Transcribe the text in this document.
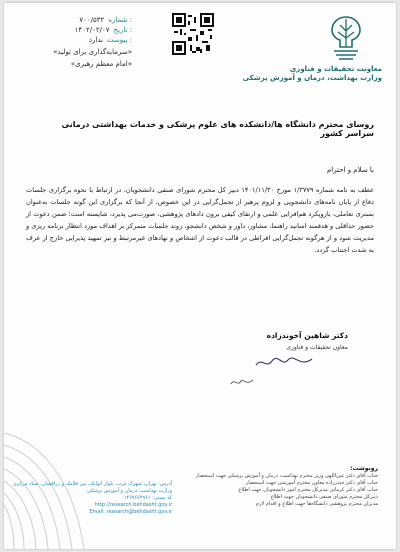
۷۰۰/۵۳۲ شماره :
۱۴۰۲/۰۲/۰۷ تاریخ :
ندارد پیوست :
«سرمایه‌گذاری برای تولید»
«امام معظم رهبری»
معاونت تحقیقات و فناوری
وزارت بهداشت، درمان و آموزش پزشکی
روسای محترم دانشگاه ها/دانشکده های علوم پزشکی و خدمات بهداشتی درمانی سراسر کشور
با سلام و احترام
عطف به نامه شماره ۱/۳۷۷۹ مورخ ۱۴۰۱/۱۱/۳۰ دبیر کل محترم شورای صنفی دانشجویان، در ارتباط با نحوه برگزاری جلسات دفاع از پایان نامه‌های دانشجویی و لزوم پرهیز از تجمل‌گرایی در این خصوص، از آنجا که برگزاری این گونه جلسات به‌عنوان بستری تعاملی، بازوپکرد هم‌افزایی علمی و ارتقای کیفی برون دادهای پژوهشی، صورت‌می پذیرد، شایسته است؛ ضمن دعوت از حضور حداقلی و هدفمند اساتید راهنما، مشاور، داور و شخص دانشجو، روند جلسات متمرکز بر اهداف مورد انتظار برنامه ریزی و مدیریت شود و از هرگونه تجمل‌گرایی افراطی در قالب دعوت از اشخاص و نهادهای غیرمرتبط و نیز تمهید پذیرایی خارج از عرف به شدت اجتناب گردد.
دکتر شاهین آخوندزاده
معاون تحقیقات و فناوری
رونوشت:
جناب آقای دکتر عین‌اللهی وزیر محترم بهداشت، درمان و آموزش پزشکی جهت استحضار
جناب آقای دکتر حیدرزاده معاون محترم آموزشی جهت استحضار
جناب آقای دکتر کرمانی مدیرکل محترم امور دانشجویان جهت اطلاع
دبیرکل محترم شورای صنفی دانشجویان جهت اطلاع
مدیران محترم پژوهشی دانشگاه‌ها جهت اطلاع و اقدام لازم
آدرس: تهران، شهرک غرب، بلوار ایوانک، بین فلامک و زرافشان، ستاد مرکزی وزارت بهداشت، درمان و آموزش پزشکی
کد پستی: ۱۴۶۷۶۶۴۹۶۱
http://research.behdasht.gov.ir
Email: research@behdasht.gov.ir
